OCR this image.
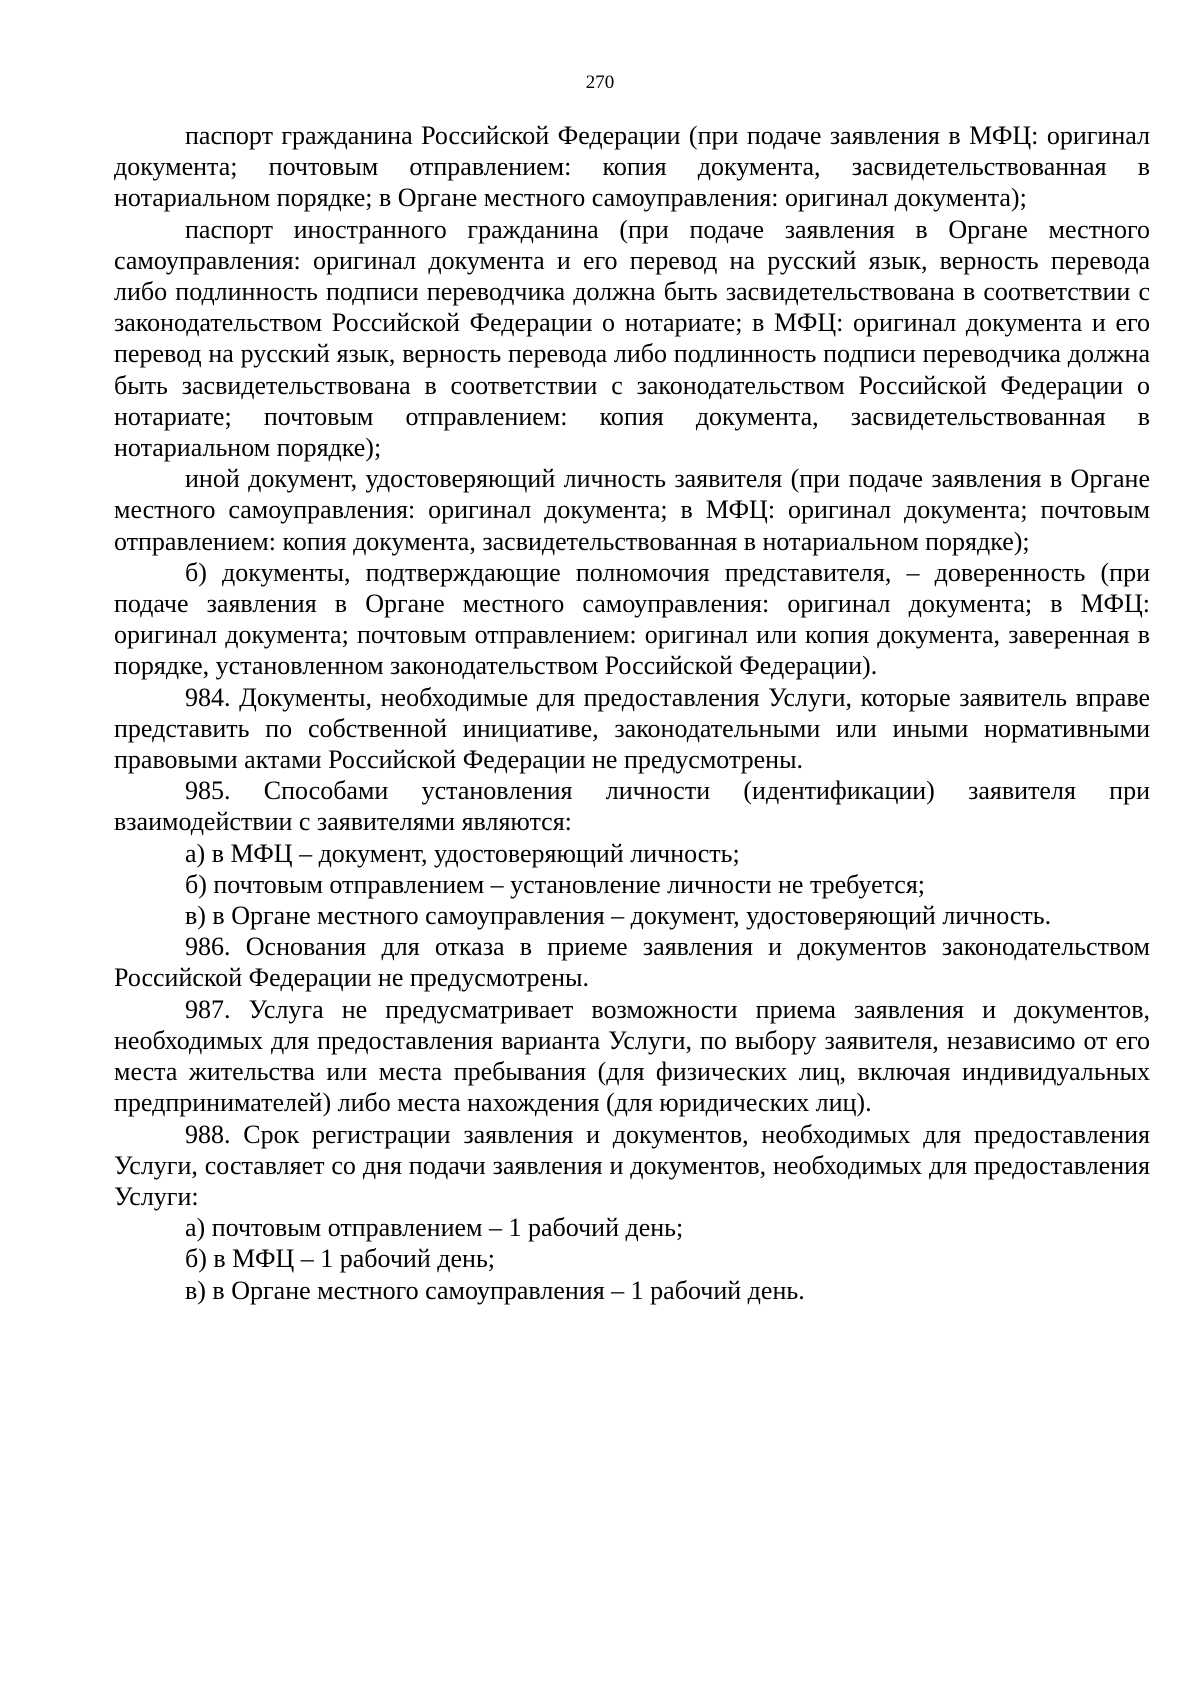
270

паспорт гражданина Российской Федерации (при подаче заявления в МФЦ: оригинал документа; почтовым отправлением: копия документа, засвидетельствованная в нотариальном порядке; в Органе местного самоуправления: оригинал документа);

паспорт иностранного гражданина (при подаче заявления в Органе местного самоуправления: оригинал документа и его перевод на русский язык, верность перевода либо подлинность подписи переводчика должна быть засвидетельствована в соответствии с законодательством Российской Федерации о нотариате; в МФЦ: оригинал документа и его перевод на русский язык, верность перевода либо подлинность подписи переводчика должна быть засвидетельствована в соответствии с законодательством Российской Федерации о нотариате; почтовым отправлением: копия документа, засвидетельствованная в нотариальном порядке);

иной документ, удостоверяющий личность заявителя (при подаче заявления в Органе местного самоуправления: оригинал документа; в МФЦ: оригинал документа; почтовым отправлением: копия документа, засвидетельствованная в нотариальном порядке);

б) документы, подтверждающие полномочия представителя, – доверенность (при подаче заявления в Органе местного самоуправления: оригинал документа; в МФЦ: оригинал документа; почтовым отправлением: оригинал или копия документа, заверенная в порядке, установленном законодательством Российской Федерации).

984. Документы, необходимые для предоставления Услуги, которые заявитель вправе представить по собственной инициативе, законодательными или иными нормативными правовыми актами Российской Федерации не предусмотрены.

985. Способами установления личности (идентификации) заявителя при взаимодействии с заявителями являются:

а) в МФЦ – документ, удостоверяющий личность;

б) почтовым отправлением – установление личности не требуется;

в) в Органе местного самоуправления – документ, удостоверяющий личность.

986. Основания для отказа в приеме заявления и документов законодательством Российской Федерации не предусмотрены.

987. Услуга не предусматривает возможности приема заявления и документов, необходимых для предоставления варианта Услуги, по выбору заявителя, независимо от его места жительства или места пребывания (для физических лиц, включая индивидуальных предпринимателей) либо места нахождения (для юридических лиц).

988. Срок регистрации заявления и документов, необходимых для предоставления Услуги, составляет со дня подачи заявления и документов, необходимых для предоставления Услуги:

а) почтовым отправлением – 1 рабочий день;

б) в МФЦ – 1 рабочий день;

в) в Органе местного самоуправления – 1 рабочий день.
